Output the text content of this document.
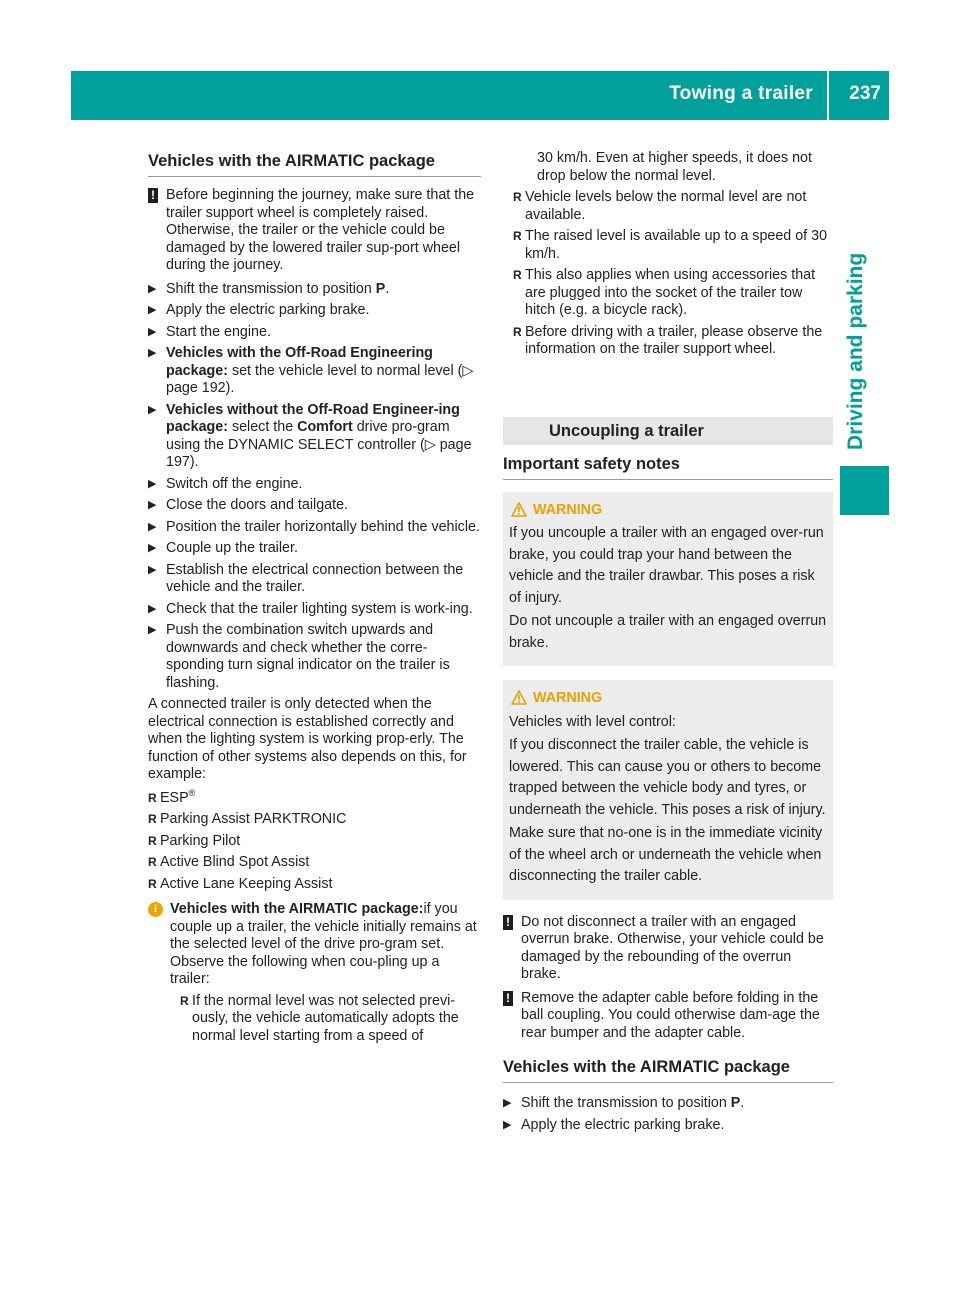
Towing a trailer 237
Driving and parking
Vehicles with the AIRMATIC package
! Before beginning the journey, make sure that the trailer support wheel is completely raised. Otherwise, the trailer or the vehicle could be damaged by the lowered trailer sup-port wheel during the journey.
▶ Shift the transmission to position P.
▶ Apply the electric parking brake.
▶ Start the engine.
▶ Vehicles with the Off-Road Engineering package: set the vehicle level to normal level (▷ page 192).
▶ Vehicles without the Off-Road Engineer-ing package: select the Comfort drive pro-gram using the DYNAMIC SELECT controller (▷ page 197).
▶ Switch off the engine.
▶ Close the doors and tailgate.
▶ Position the trailer horizontally behind the vehicle.
▶ Couple up the trailer.
▶ Establish the electrical connection between the vehicle and the trailer.
▶ Check that the trailer lighting system is work-ing.
▶ Push the combination switch upwards and downwards and check whether the corre-sponding turn signal indicator on the trailer is flashing.
A connected trailer is only detected when the electrical connection is established correctly and when the lighting system is working prop-erly. The function of other systems also depends on this, for example:
R ESP®
R Parking Assist PARKTRONIC
R Parking Pilot
R Active Blind Spot Assist
R Active Lane Keeping Assist
i Vehicles with the AIRMATIC package:if you couple up a trailer, the vehicle initially remains at the selected level of the drive pro-gram set. Observe the following when cou-pling up a trailer:
R If the normal level was not selected previ-ously, the vehicle automatically adopts the normal level starting from a speed of
30 km/h. Even at higher speeds, it does not drop below the normal level.
R Vehicle levels below the normal level are not available.
R The raised level is available up to a speed of 30 km/h.
R This also applies when using accessories that are plugged into the socket of the trailer tow hitch (e.g. a bicycle rack).
R Before driving with a trailer, please observe the information on the trailer support wheel.
Uncoupling a trailer
Important safety notes
WARNING

If you uncouple a trailer with an engaged over-run brake, you could trap your hand between the vehicle and the trailer drawbar. This poses a risk of injury.

Do not uncouple a trailer with an engaged overrun brake.

WARNING

Vehicles with level control:

If you disconnect the trailer cable, the vehicle is lowered. This can cause you or others to become trapped between the vehicle body and tyres, or underneath the vehicle. This poses a risk of injury.

Make sure that no-one is in the immediate vicinity of the wheel arch or underneath the vehicle when disconnecting the trailer cable.

! Do not disconnect a trailer with an engaged overrun brake. Otherwise, your vehicle could be damaged by the rebounding of the overrun brake.
! Remove the adapter cable before folding in the ball coupling. You could otherwise dam-age the rear bumper and the adapter cable.
Vehicles with the AIRMATIC package
▶ Shift the transmission to position P.
▶ Apply the electric parking brake.
